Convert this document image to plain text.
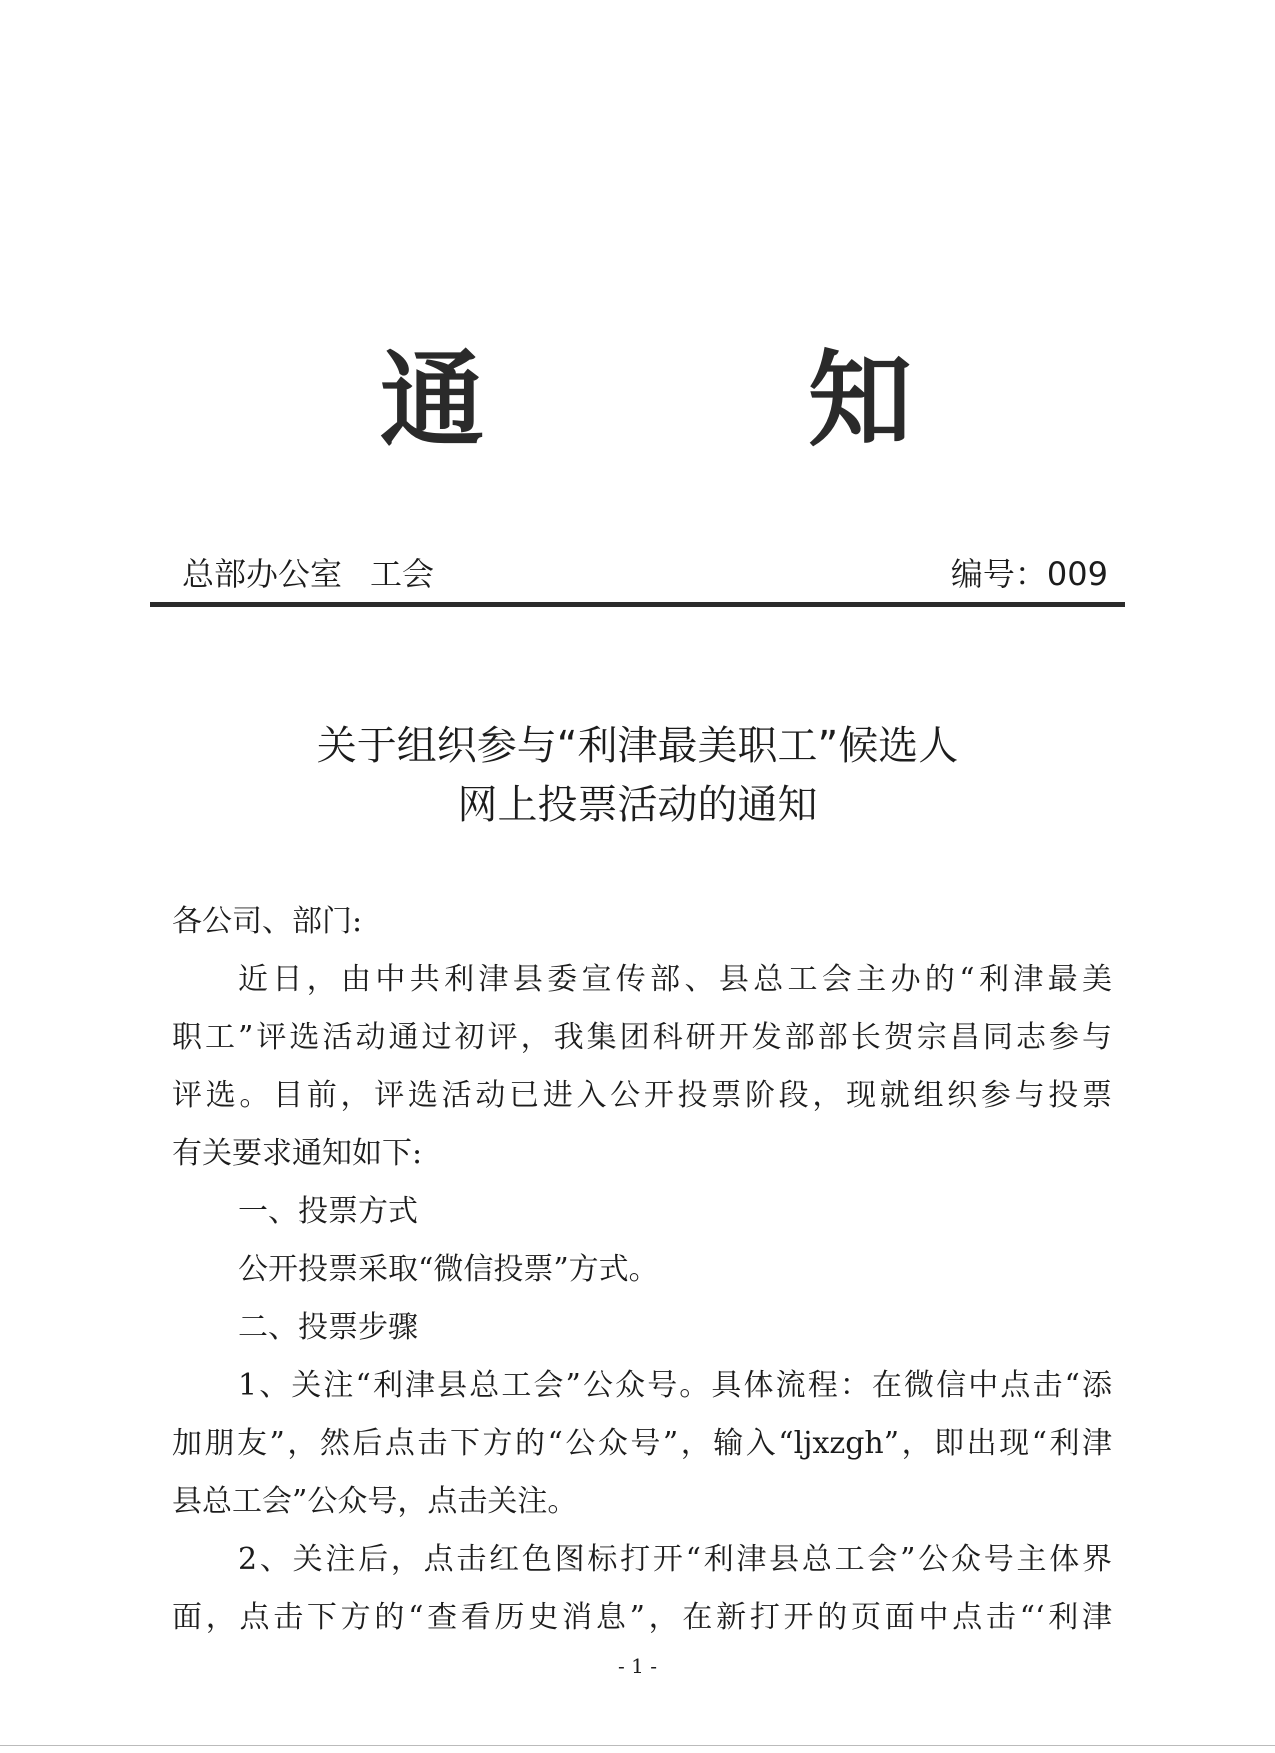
通	知
总部办公室 工会	编号：009
关于组织参与“利津最美职工”候选人
网上投票活动的通知
各公司、部门:
近日，由中共利津县委宣传部、县总工会主办的“利津最美
职工”评选活动通过初评，我集团科研开发部部长贺宗昌同志参与
评选。目前，评选活动已进入公开投票阶段，现就组织参与投票
有关要求通知如下:
一、投票方式
公开投票采取“微信投票”方式。
二、投票步骤
1、关注“利津县总工会”公众号。具体流程：在微信中点击“添
加朋友”，然后点击下方的“公众号”，输入“ljxzgh”，即出现“利津
县总工会”公众号，点击关注。
2、关注后，点击红色图标打开“利津县总工会”公众号主体界
面，点击下方的“查看历史消息”，在新打开的页面中点击“‘利津
- 1 -
